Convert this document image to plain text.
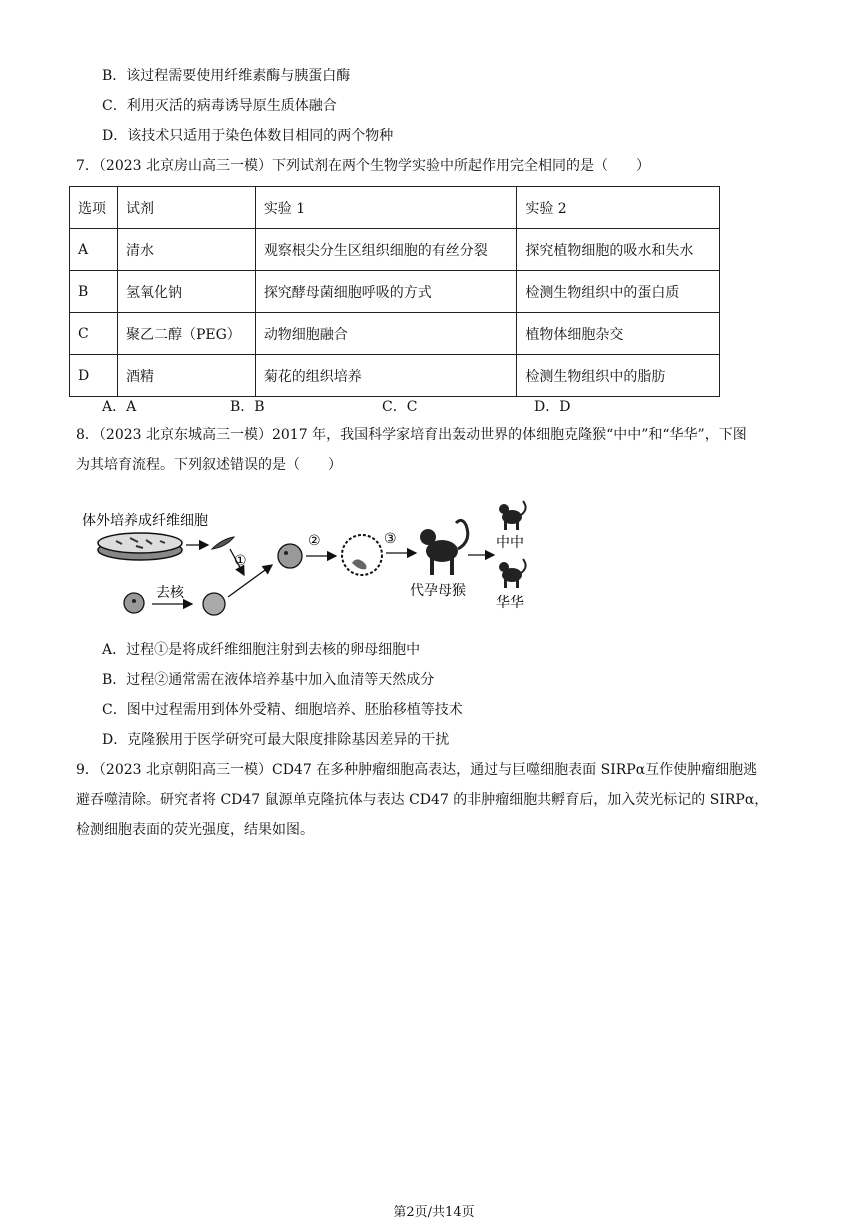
B．该过程需要使用纤维素酶与胰蛋白酶
C．利用灭活的病毒诱导原生质体融合
D．该技术只适用于染色体数目相同的两个物种
7．（2023 北京房山高三一模）下列试剂在两个生物学实验中所起作用完全相同的是（　　）
选项	试剂	实验 1	实验 2
A	清水	观察根尖分生区组织细胞的有丝分裂	探究植物细胞的吸水和失水
B	氢氧化钠	探究酵母菌细胞呼吸的方式	检测生物组织中的蛋白质
C	聚乙二醇（PEG）	动物细胞融合	植物体细胞杂交
D	酒精	菊花的组织培养	检测生物组织中的脂肪
A．A	B．B	C．C	D．D
8．（2023 北京东城高三一模）2017 年，我国科学家培育出轰动世界的体细胞克隆猴“中中”和“华华”，下图
为其培育流程。下列叙述错误的是（　　）
体外培养成纤维细胞
去核
①
②	③
代孕母猴
中中
华华
A．过程①是将成纤维细胞注射到去核的卵母细胞中
B．过程②通常需在液体培养基中加入血清等天然成分
C．图中过程需用到体外受精、细胞培养、胚胎移植等技术
D．克隆猴用于医学研究可最大限度排除基因差异的干扰
9．（2023 北京朝阳高三一模）CD47 在多种肿瘤细胞高表达，通过与巨噬细胞表面 SIRPα互作使肿瘤细胞逃
避吞噬清除。研究者将 CD47 鼠源单克隆抗体与表达 CD47 的非肿瘤细胞共孵育后，加入荧光标记的 SIRPα，
检测细胞表面的荧光强度，结果如图。
第2页/共14页
